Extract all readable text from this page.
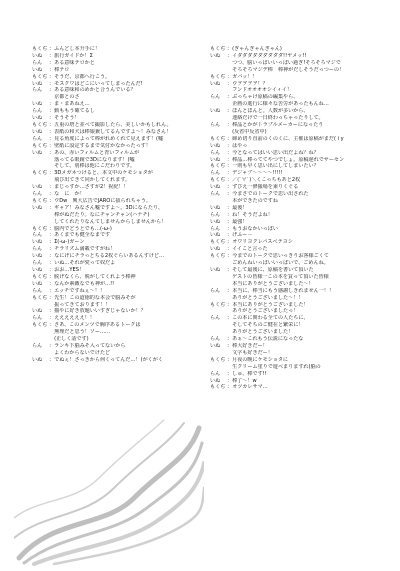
もくぢ ：ふんどし本升手に！
いぬ	：旅行ガイドか！Σ
らん	：ある意味テロかと
いぬ	：棒テロ
もくぢ ：そうだ、京都へ行こう。
いぬ	：モスクワはどこにいってしまったんだ!
らん	：ある意味和のめかと合うんでいる？
　京都とのさ
いぬ	：ま・まあねえ…
らん	：動ももう確てるし
いぬ	：そうそう！
もくぢ ：五重の塔と並べて撮影したら、美しいかもしれん。
いぬ	：表紙の和犬は棒娘兼してるんですよ～！みなさん！
らん	：見る角度によって棒がれめくれて見えます！(嘘
もくぢ ：壁紙に設定するまで気付かなかったっす！
いぬ	：あの、赤いフィルムと青いフィルムが
　落ってる眼鏡で3Dになります！(嘘
　そして、別棒は他にこだわりです。
もくぢ ：3Dメガネつけると、本文中のケモショタが
　飛び出てきて同かしてくれます。
いぬ	：まじっすか…さすが2！祝紀！！
らん	：な　に　か！
もくぢ ：ウDw　興大広告でJAROに抜られちゃう。
いぬ	：ギャア！みなさん嘘ですよ～。3Dにならたり、
　棒がぬだたり。なにチャンチャン(ハナチ)
　してくれたりなんてしませんからしませんから！
もくぢ ：脳内でどうとでも…(-ω-)
らん	：あくまでも健全なまです
いぬ	：Σ(-ω-)ガーン
らん	：チラリズム満載ですがね！
いぬ	：なにげにチラっとちる2枚ぐらいあるんすけど…
らん	：いぬ…それが愛って奴だよ
いぬ	：おお…YES！
もくぢ ：脱げなくら、脱がしてくれよう棒神
いぬ	：なんか素敵なでも神が…!!
らん	：エッチですねぇ～！！
もくぢ ：先生！この道徳的な本会で脳みそが
　振ってきております！！
いぬ	：猫やに好き放題いいすぎじゃないか！？
らん	：ええええええ！！
もくぢ ：さあ、このメンツで胸序あるトークは
　無理だと思う！ソー……
　(正しく話です)
らん	：ランキ下脳みそ入ってないから
　よくわからないでけたど
いぬ	：でぬぇ！さっきから何くってんだ…！(がくがく
もくぢ ：(ぎゃんぎゃんぎゃん)
いぬ	：イダダダダダダダダダ!!ヤメッ!!
　つつ、脳いっぱいいっぱい過ぎ!そろそろマジで
　そろそろマジデ棒　棒神がだしそうだっつーの！
もくぢ ：ガバッ！！
いぬ	：ウヲヲヲヲ！？
　フンドオオオオシイィイ！
らん	：ぶっちゃけ原稿の編集やら、
　企画の進行に様々な苦労があったもんね…
いぬ	：ほんとほんと。人数が多いから、
　連絡だけで一日終わっちゃったりして。
らん	：棒晶とかがトラブルメーカーになったり
　(反省中反省中)
もくぢ ：締め切り直前のくのくに、主催は原稿がまだ( i y
いぬ	：はやっ
らん	：今となってはいい思い出だよね？ね？
いぬ	：棒晶…棒っててやつでしょ。原稿遅れでサーセン
もくぢ ：一則も早く思い出にしてしまいたい？
らん	：デジャブ～～～～!!!!!
もくぢ ：／(ﾟ∀ﾟ)＼くこっちもあと2枚
いぬ	：ずびえ一修羅場を乗りくぐる
らん	：今まさでのトークで思い出された
　本ができたのですね
いぬ	：最後！
らん	：ね！そうだよね！
いぬ	：最強！
らん	：もうおなかいっぱい
いぬ	：げふー－
もくぢ ：オワリヨクレバスベテヨシ
いぬ	：イイこと言った
もくぢ ：今までのトークで思いっきりお客様ごくて
　ごめんねいっぱいいっぱいで、ごめんね。
いぬ	：そして最後に、原稿を書いて頂いた
　ゲストの皆様一この本を買って頂いた皆様
　本当にありがとうございました～！
らん	：本当に、棒当にもう感謝しきれません一！！
　ありがとうございました～！！
もくぢ ：本当にありがとうございました！
　ありがとうございましたっ！
らん	：この本に関わる全ての人たちに、
　そしてそちのご健在と繁栄に！
　ありがとうございました！
らん	：あぁ～これもう伝説になったな
いぬ	：棒大好きだー！
　文字も好きだー！
もくぢ ：月夜の晩にケモショタに
　生クリーム塗りで遊べまりますれ(脳の
らん	：しゅ、棒です!!
いぬ	：棒了～！w
もくぢ ：オツカレサマ…
